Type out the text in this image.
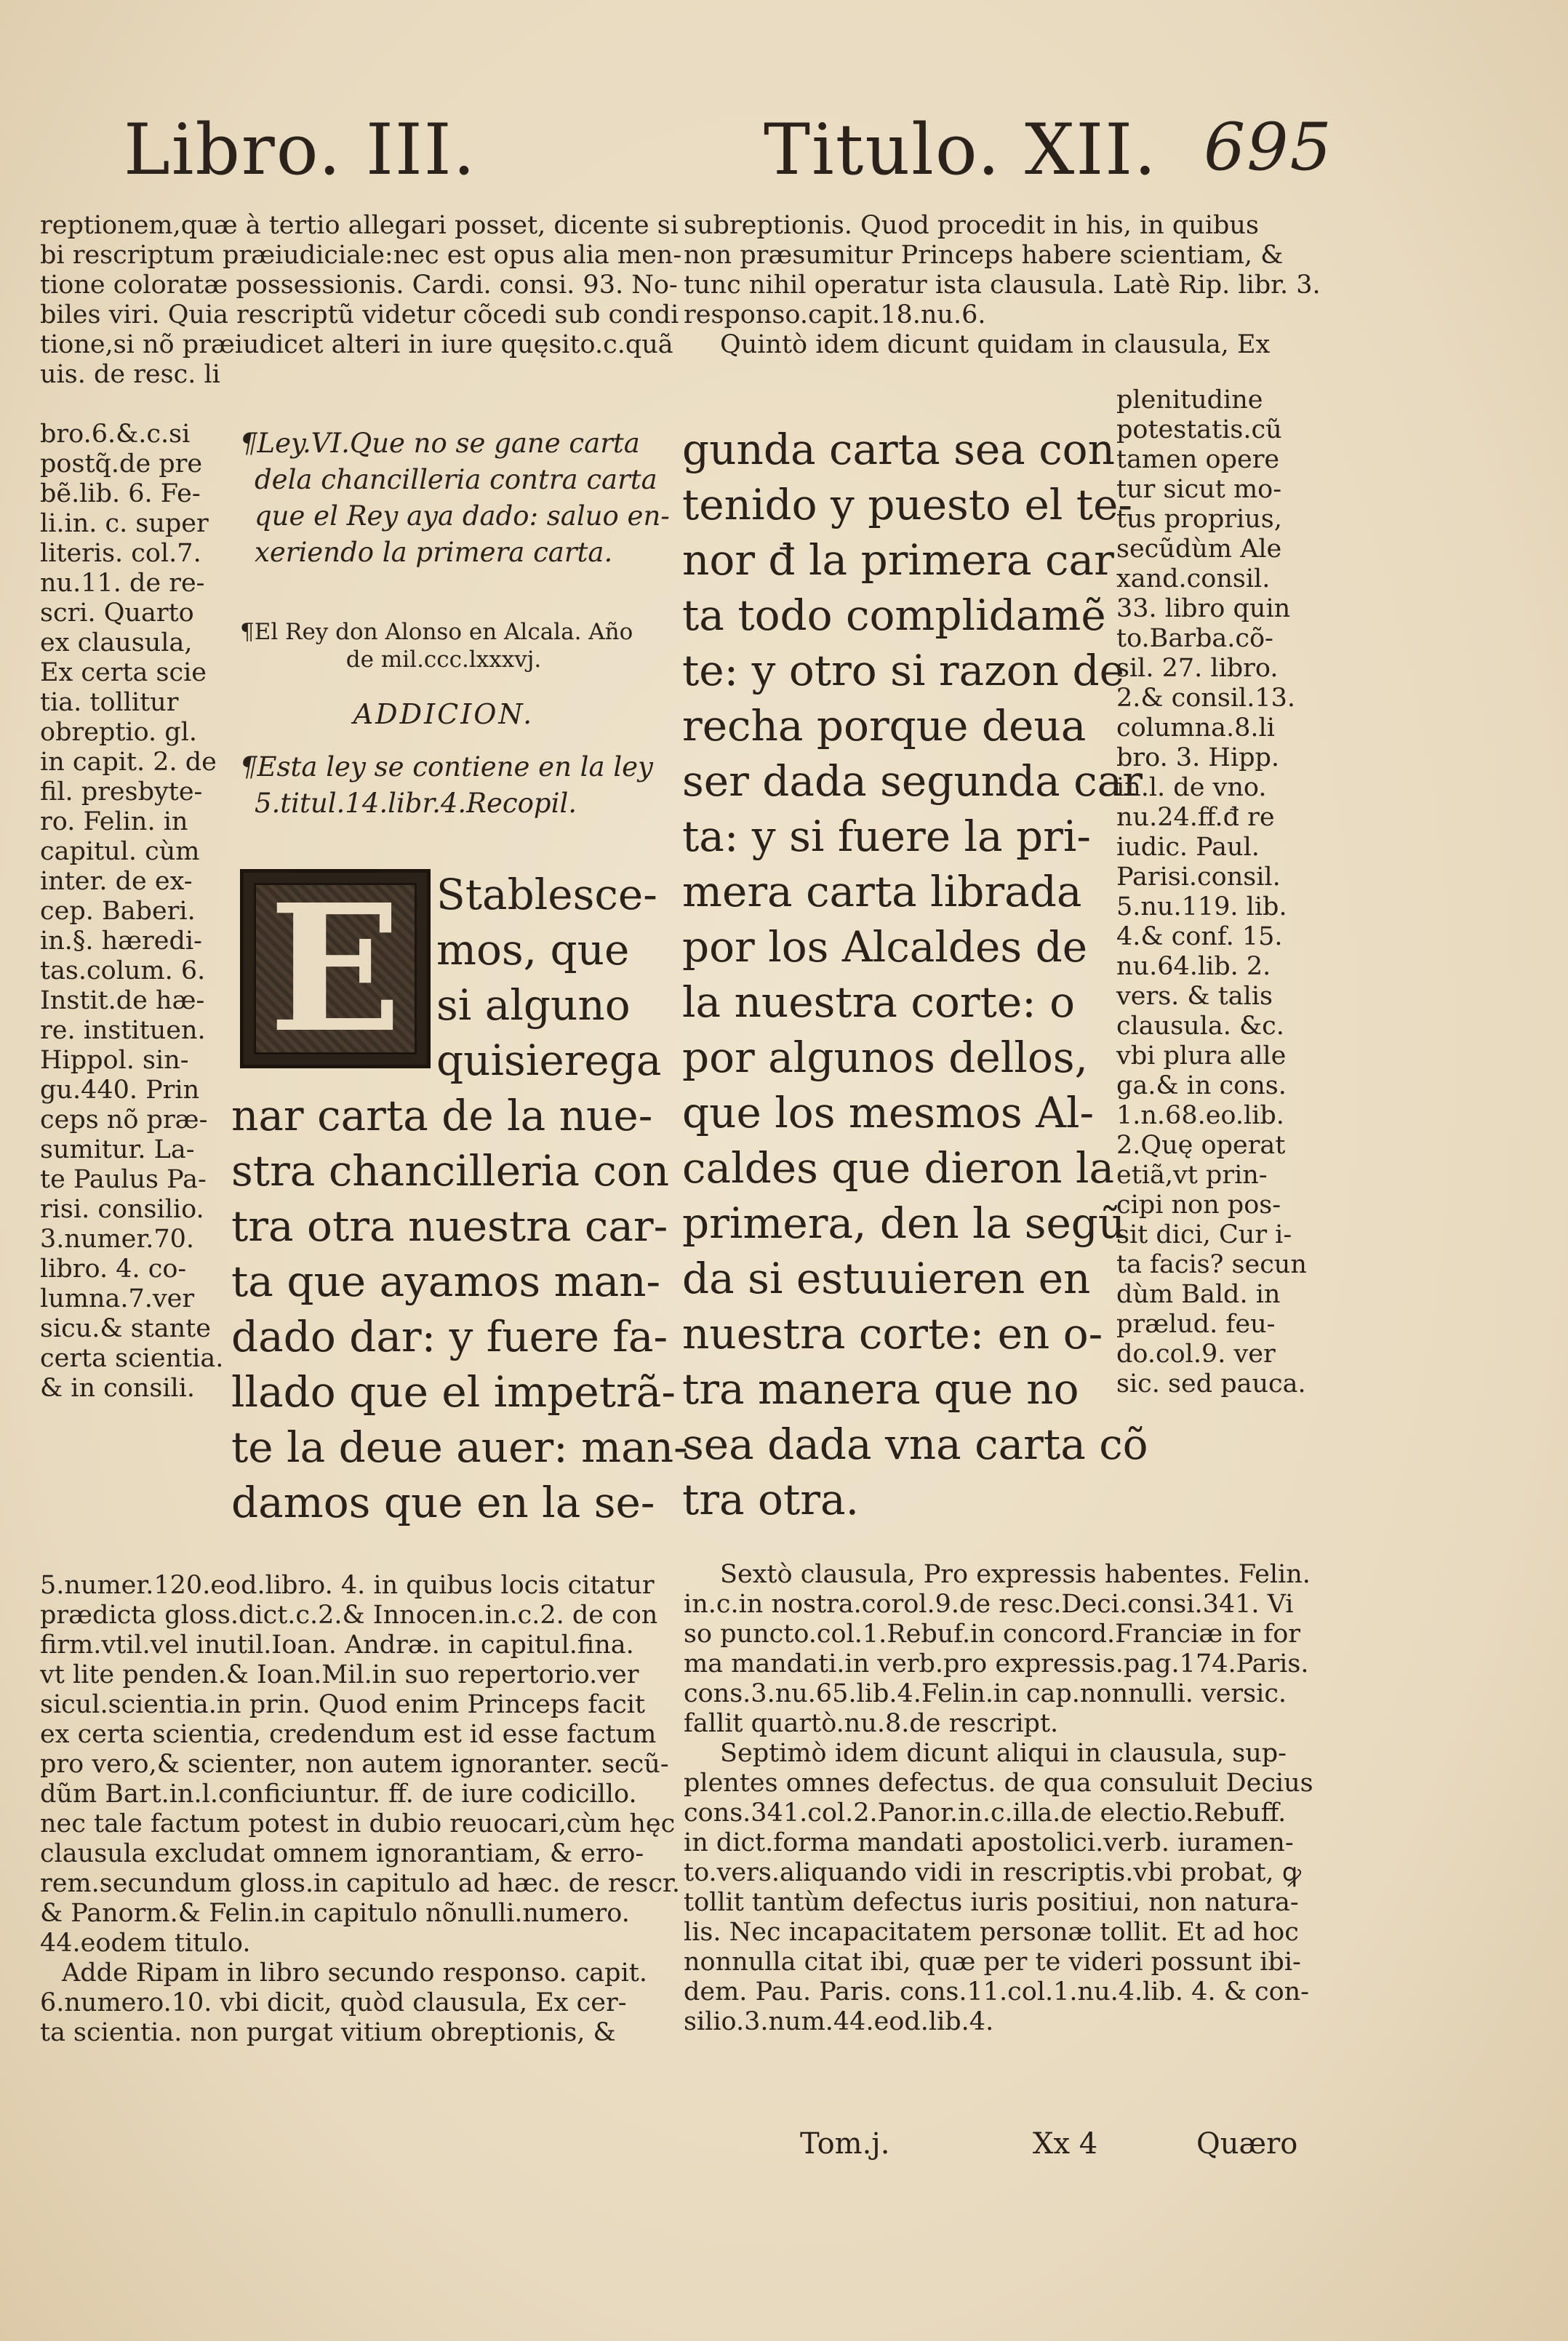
Libro. III.	Titulo. XII. 695
reptionem,quæ à tertio allegari posset, dicente si
bi rescriptum præiudiciale:nec est opus alia men-
tione coloratæ possessionis. Cardi. consi. 93. No-
biles viri. Quia rescriptũ videtur cõcedi sub condi
tione,si nõ præiudicet alteri in iure quęsito.c.quã
uis. de resc. li
bro.6.&.c.si
postq̃.de pre
bẽ.lib. 6. Fe-
li.in. c. super
literis. col.7.
nu.11. de re-
scri. Quarto
ex clausula,
Ex certa scie
tia. tollitur
obreptio. gl.
in capit. 2. de
fil. presbyte-
ro. Felin. in
capitul. cùm
inter. de ex-
cep. Baberi.
in.§. hæredi-
tas.colum. 6.
Instit.de hæ-
re. instituen.
Hippol. sin-
gu.440. Prin
ceps nõ præ-
sumitur. La-
te Paulus Pa-
risi. consilio.
3.numer.70.
libro. 4. co-
lumna.7.ver
sicu.& stante
certa scientia.
& in consili.
¶Ley.VI.Que no se gane carta
dela chancilleria contra carta
que el Rey aya dado: saluo en-
xeriendo la primera carta.
¶El Rey don Alonso en Alcala. Año
de mil.ccc.lxxxvj.
ADDICION.
¶Esta ley se contiene en la ley
5.titul.14.libr.4.Recopil.
E Stablesce-
mos, que
si alguno
quisierega
nar carta de la nue-
stra chancilleria con
tra otra nuestra car-
ta que ayamos man-
dado dar: y fuere fa-
llado que el impetrã-
te la deue auer: man-
damos que en la se-
5.numer.120.eod.libro. 4. in quibus locis citatur
prædicta gloss.dict.c.2.& Innocen.in.c.2. de con
firm.vtil.vel inutil.Ioan. Andræ. in capitul.fina.
vt lite penden.& Ioan.Mil.in suo repertorio.ver
sicul.scientia.in prin. Quod enim Princeps facit
ex certa scientia, credendum est id esse factum
pro vero,& scienter, non autem ignoranter. secũ-
dũm Bart.in.l.conficiuntur. ff. de iure codicillo.
nec tale factum potest in dubio reuocari,cùm hęc
clausula excludat omnem ignorantiam, & erro-
rem.secundum gloss.in capitulo ad hæc. de rescr.
& Panorm.& Felin.in capitulo nõnulli.numero.
44.eodem titulo.
Adde Ripam in libro secundo responso. capit.
6.numero.10. vbi dicit, quòd clausula, Ex cer-
ta scientia. non purgat vitium obreptionis, &
subreptionis. Quod procedit in his, in quibus
non præsumitur Princeps habere scientiam, &
tunc nihil operatur ista clausula. Latè Rip. libr. 3.
responso.capit.18.nu.6.
Quintò idem dicunt quidam in clausula, Ex
gunda carta sea con
tenido y puesto el te-
nor đ la primera car
ta todo complidamẽ
te: y otro si razon de
recha porque deua
ser dada segunda car
ta: y si fuere la pri-
mera carta librada
por los Alcaldes de
la nuestra corte: o
por algunos dellos,
que los mesmos Al-
caldes que dieron la
primera, den la segũ
da si estuuieren en
nuestra corte: en o-
tra manera que no
sea dada vna carta cõ
tra otra.
plenitudine
potestatis.cũ
tamen opere
tur sicut mo-
tus proprius,
secũdùm Ale
xand.consil.
33. libro quin
to.Barba.cõ-
sil. 27. libro.
2.& consil.13.
columna.8.li
bro. 3. Hipp.
in.l. de vno.
nu.24.ff.đ re
iudic. Paul.
Parisi.consil.
5.nu.119. lib.
4.& conf. 15.
nu.64.lib. 2.
vers. & talis
clausula. &c.
vbi plura alle
ga.& in cons.
1.n.68.eo.lib.
2.Quę operat
etiã,vt prin-
cipi non pos-
sit dici, Cur i-
ta facis? secun
dùm Bald. in
prælud. feu-
do.col.9. ver
sic. sed pauca.
Sextò clausula, Pro expressis habentes. Felin.
in.c.in nostra.corol.9.de resc.Deci.consi.341. Vi
so puncto.col.1.Rebuf.in concord.Franciæ in for
ma mandati.in verb.pro expressis.pag.174.Paris.
cons.3.nu.65.lib.4.Felin.in cap.nonnulli. versic.
fallit quartò.nu.8.de rescript.
Septimò idem dicunt aliqui in clausula, sup-
plentes omnes defectus. de qua consuluit Decius
cons.341.col.2.Panor.in.c.illa.de electio.Rebuff.
in dict.forma mandati apostolici.verb. iuramen-
to.vers.aliquando vidi in rescriptis.vbi probat, ꝙ
tollit tantùm defectus iuris positiui, non natura-
lis. Nec incapacitatem personæ tollit. Et ad hoc
nonnulla citat ibi, quæ per te videri possunt ibi-
dem. Pau. Paris. cons.11.col.1.nu.4.lib. 4. & con-
silio.3.num.44.eod.lib.4.
Tom.j.	Xx 4	Quæro
